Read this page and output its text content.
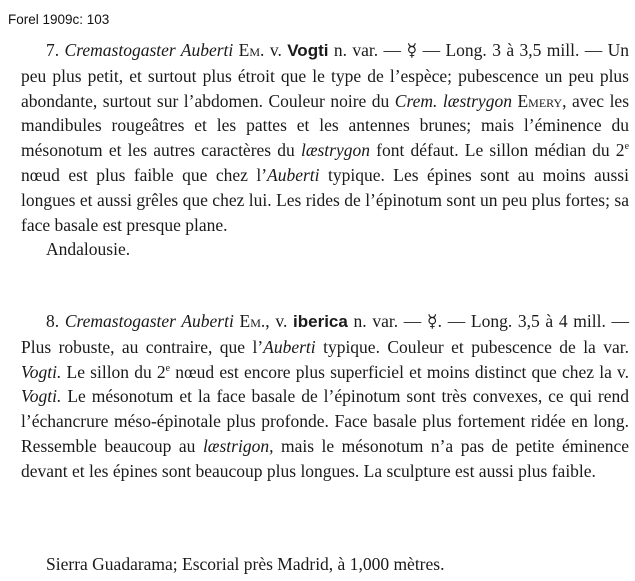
Forel 1909c: 103

7. Cremastogaster Auberti Em. v. Vogti n. var. — ☿ — Long. 3 à 3,5 mill. — Un peu plus petit, et surtout plus étroit que le type de l’espèce; pubescence un peu plus abondante, surtout sur l’abdomen. Couleur noire du Crem. læstrygon Emery, avec les mandibules rougeâtres et les pattes et les antennes brunes; mais l’éminence du mésonotum et les autres caractères du læstrygon font défaut. Le sillon médian du 2e nœud est plus faible que chez l’Auberti typique. Les épines sont au moins aussi longues et aussi grêles que chez lui. Les rides de l’épinotum sont un peu plus fortes; sa face basale est presque plane.

Andalousie.

8. Cremastogaster Auberti Em., v. iberica n. var. — ☿. — Long. 3,5 à 4 mill. — Plus robuste, au contraire, que l’Auberti typique. Couleur et pubescence de la var. Vogti. Le sillon du 2e nœud est encore plus superficiel et moins distinct que chez la v. Vogti. Le mésonotum et la face basale de l’épinotum sont très convexes, ce qui rend l’échancrure méso-épinotale plus profonde. Face basale plus fortement ridée en long. Ressemble beaucoup au læstrigon, mais le mésonotum n’a pas de petite éminence devant et les épines sont beaucoup plus longues. La sculpture est aussi plus faible.

Sierra Guadarama; Escorial près Madrid, à 1,000 mètres.
